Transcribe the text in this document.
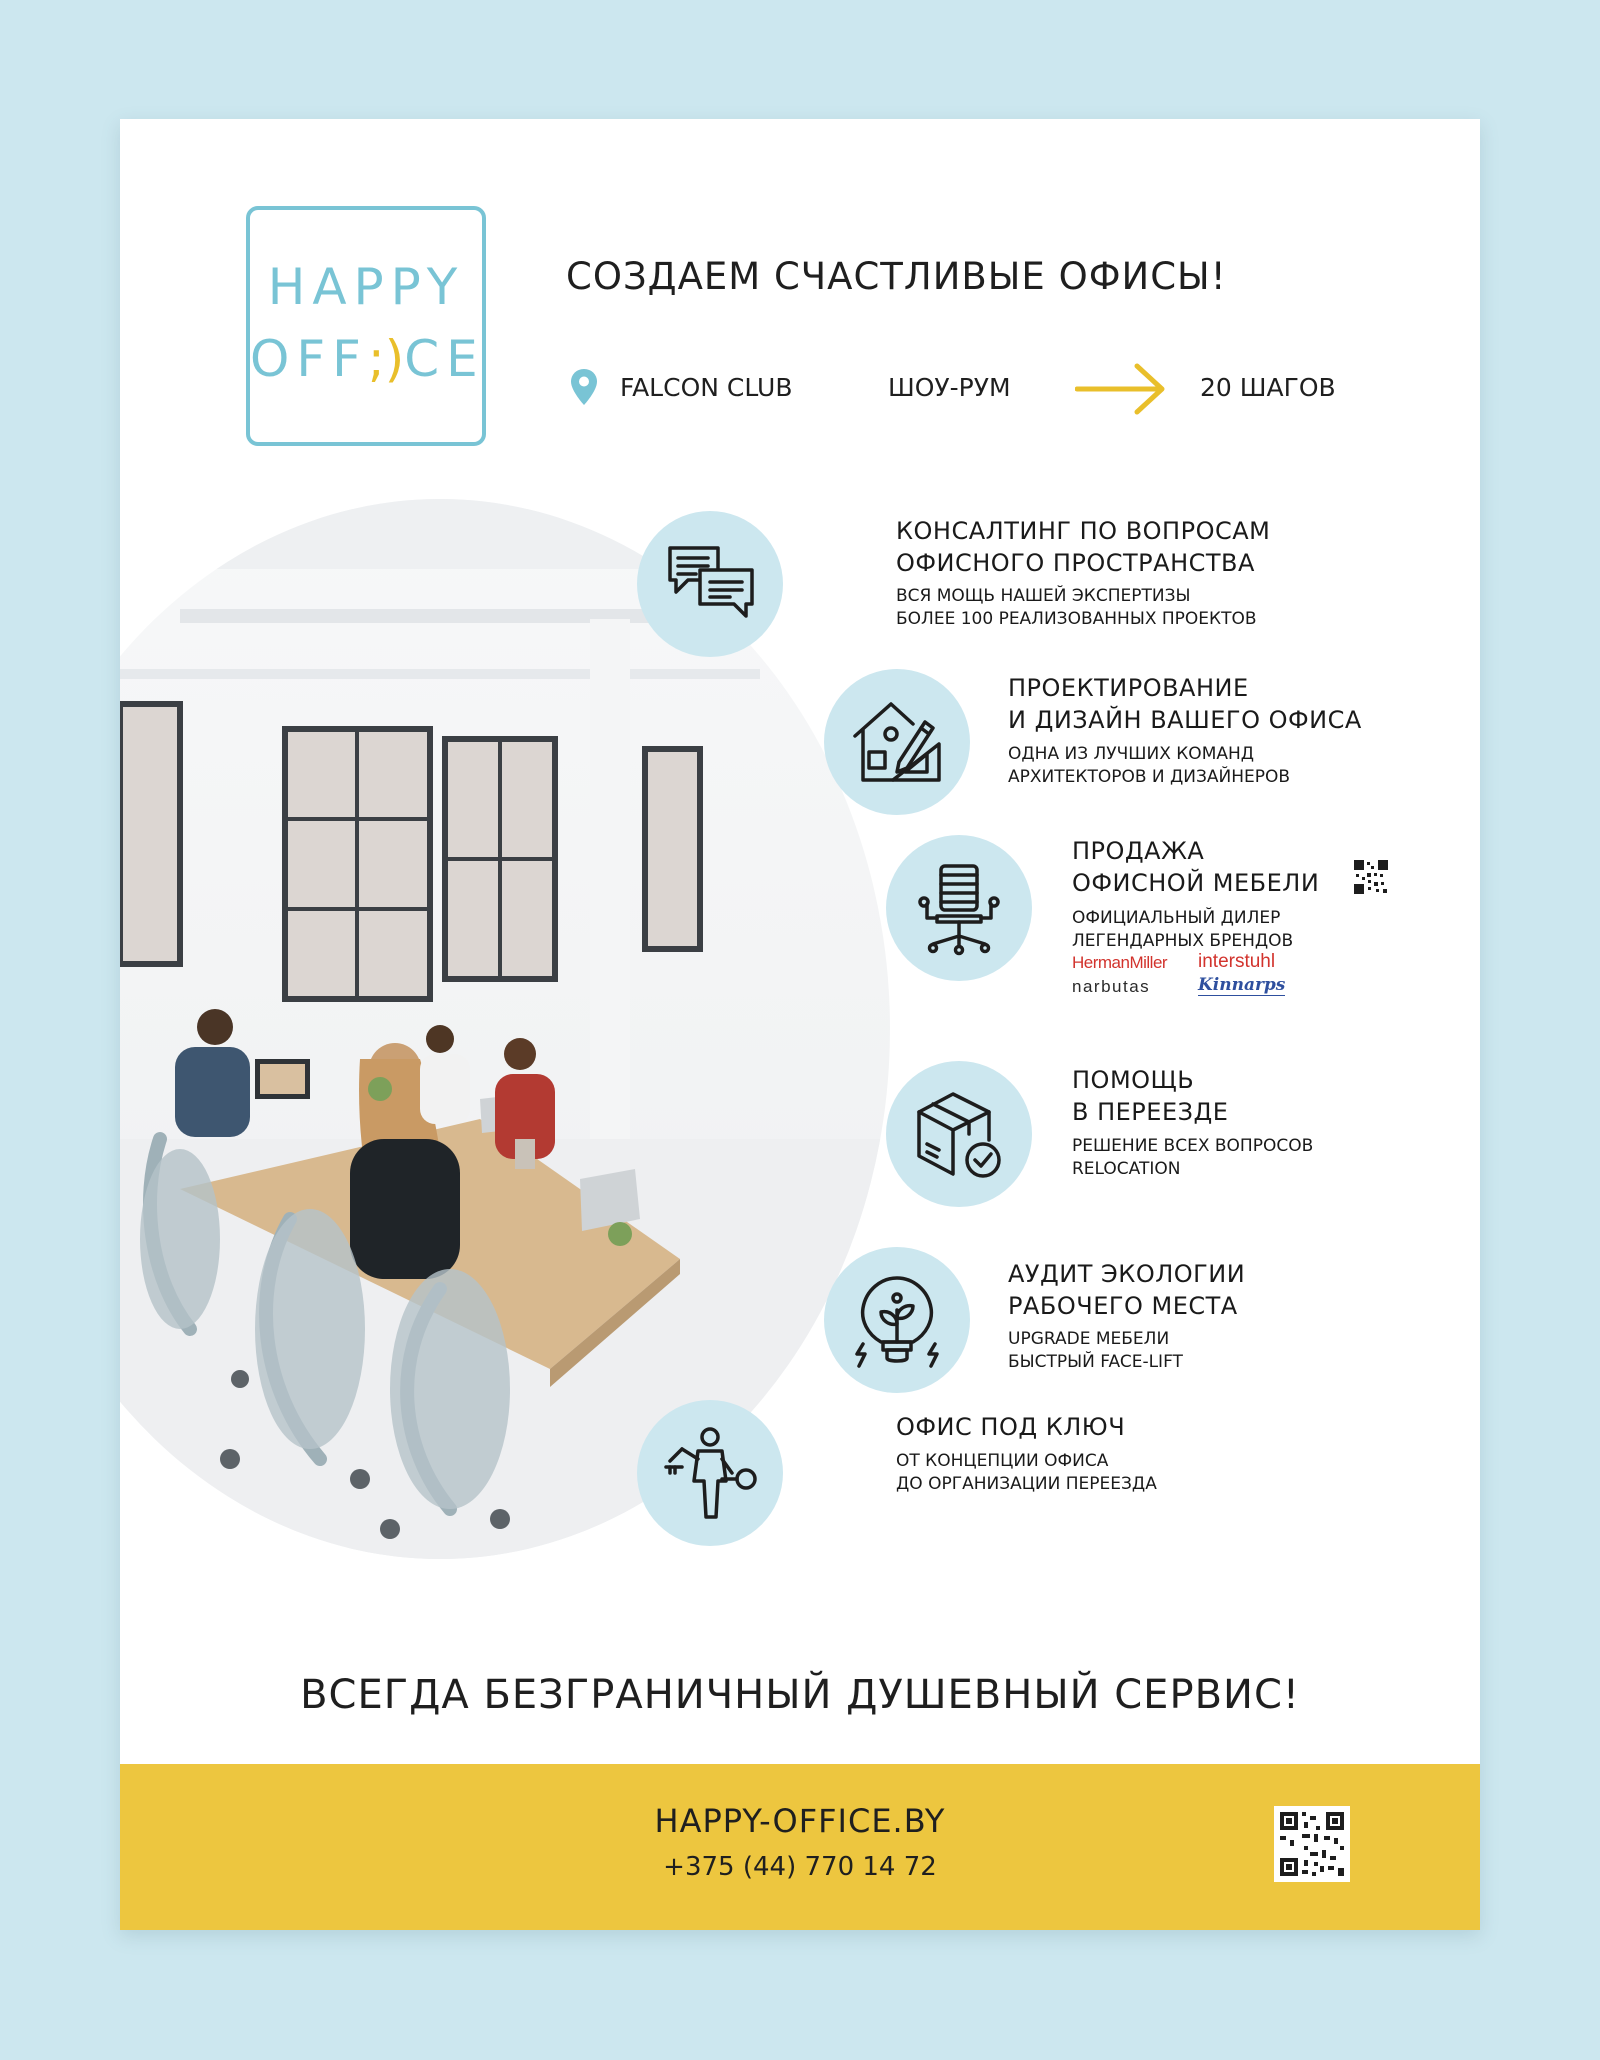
HAPPY
OFF;)CE
СОЗДАЕМ СЧАСТЛИВЫЕ ОФИСЫ!
FALCON CLUB	ШОУ-РУМ	20 ШАГОВ
КОНСАЛТИНГ ПО ВОПРОСАМ
ОФИСНОГО ПРОСТРАНСТВА
ВСЯ МОЩЬ НАШЕЙ ЭКСПЕРТИЗЫ
БОЛЕЕ 100 РЕАЛИЗОВАННЫХ ПРОЕКТОВ
ПРОЕКТИРОВАНИЕ
И ДИЗАЙН ВАШЕГО ОФИСА
ОДНА ИЗ ЛУЧШИХ КОМАНД
АРХИТЕКТОРОВ И ДИЗАЙНЕРОВ
ПРОДАЖА
ОФИСНОЙ МЕБЕЛИ
ОФИЦИАЛЬНЫЙ ДИЛЕР
ЛЕГЕНДАРНЫХ БРЕНДОВ
HermanMiller interstuhl
narbutas	Kinnarps
ПОМОЩЬ
В ПЕРЕЕЗДЕ
РЕШЕНИЕ ВСЕХ ВОПРОСОВ
RELOCATION
АУДИТ ЭКОЛОГИИ
РАБОЧЕГО МЕСТА
UPGRADE МЕБЕЛИ
БЫСТРЫЙ FACE-LIFT
ОФИС ПОД КЛЮЧ
ОТ КОНЦЕПЦИИ ОФИСА
ДО ОРГАНИЗАЦИИ ПЕРЕЕЗДА
ВСЕГДА БЕЗГРАНИЧНЫЙ ДУШЕВНЫЙ СЕРВИС!
HAPPY-OFFICE.BY
+375 (44) 770 14 72
